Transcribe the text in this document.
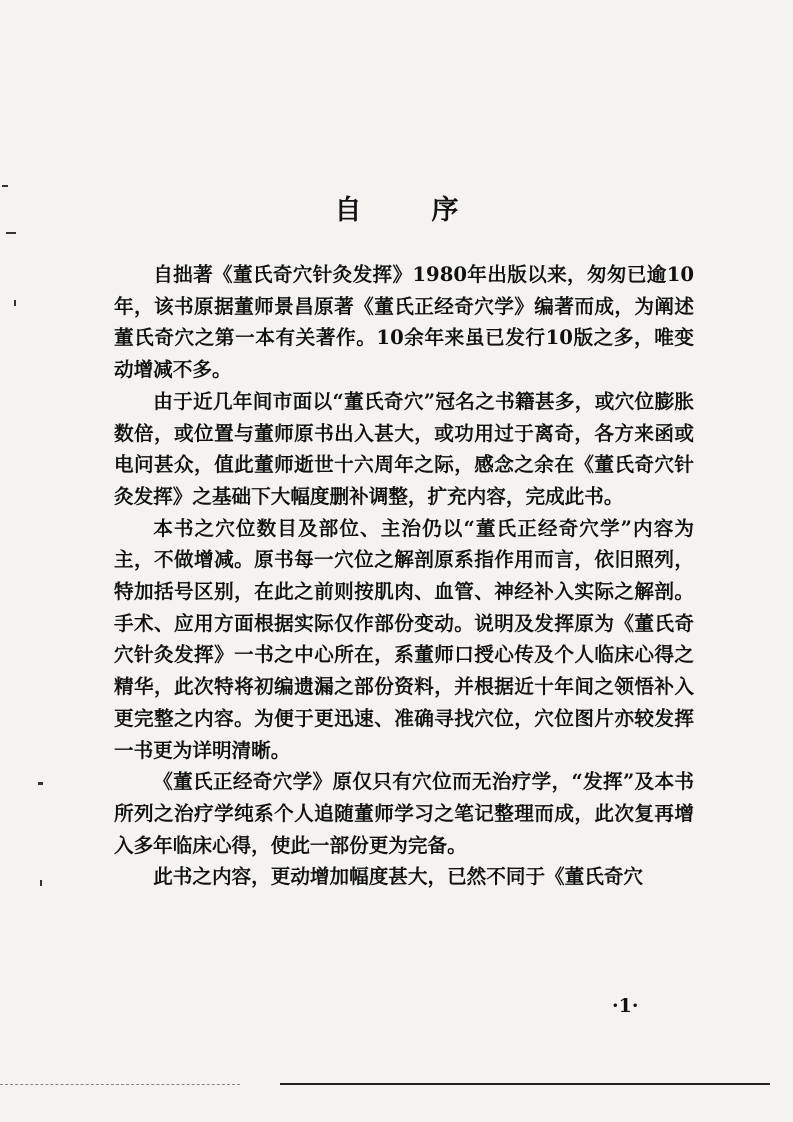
自	序

自拙著《董氏奇穴针灸发挥》1980年出版以来，匆匆已逾10年，该书原据董师景昌原著《董氏正经奇穴学》编著而成，为阐述董氏奇穴之第一本有关著作。10余年来虽已发行10版之多，唯变动增减不多。

由于近几年间市面以“董氏奇穴”冠名之书籍甚多，或穴位膨胀数倍，或位置与董师原书出入甚大，或功用过于离奇，各方来函或电问甚众，值此董师逝世十六周年之际，感念之余在《董氏奇穴针灸发挥》之基础下大幅度删补调整，扩充内容，完成此书。

本书之穴位数目及部位、主治仍以“董氏正经奇穴学”内容为主，不做增减。原书每一穴位之解剖原系指作用而言，依旧照列，特加括号区别，在此之前则按肌肉、血管、神经补入实际之解剖。手术、应用方面根据实际仅作部份变动。说明及发挥原为《董氏奇穴针灸发挥》一书之中心所在，系董师口授心传及个人临床心得之精华，此次特将初编遗漏之部份资料，并根据近十年间之领悟补入更完整之内容。为便于更迅速、准确寻找穴位，穴位图片亦较发挥一书更为详明清晰。

《董氏正经奇穴学》原仅只有穴位而无治疗学，“发挥”及本书所列之治疗学纯系个人追随董师学习之笔记整理而成，此次复再增入多年临床心得，使此一部份更为完备。

此书之内容，更动增加幅度甚大，已然不同于《董氏奇穴

·1·
